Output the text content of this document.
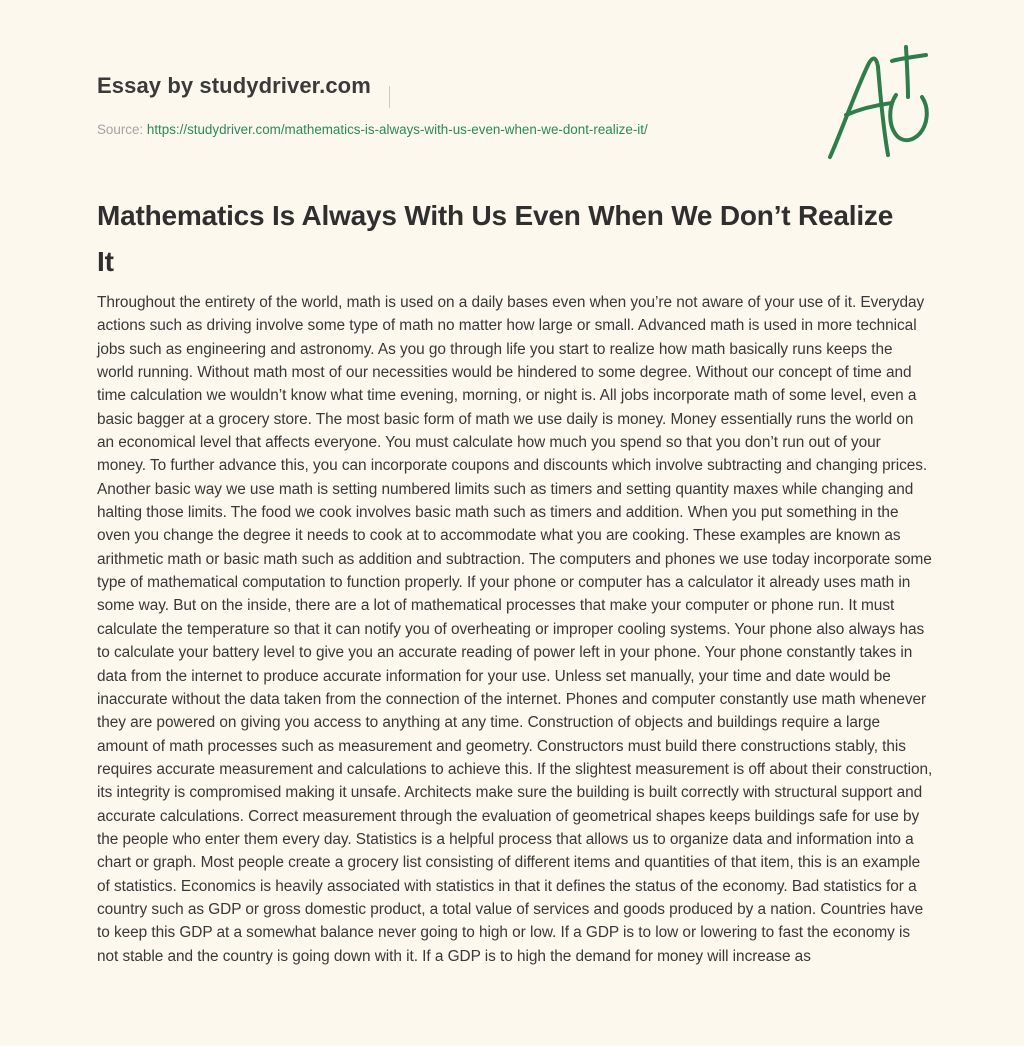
Essay by studydriver.com

Source: https://studydriver.com/mathematics-is-always-with-us-even-when-we-dont-realize-it/

Mathematics Is Always With Us Even When We Don’t Realize It

Throughout the entirety of the world, math is used on a daily bases even when you’re not aware of your use of it. Everyday actions such as driving involve some type of math no matter how large or small. Advanced math is used in more technical jobs such as engineering and astronomy. As you go through life you start to realize how math basically runs keeps the world running. Without math most of our necessities would be hindered to some degree. Without our concept of time and time calculation we wouldn’t know what time evening, morning, or night is. All jobs incorporate math of some level, even a basic bagger at a grocery store. The most basic form of math we use daily is money. Money essentially runs the world on an economical level that affects everyone. You must calculate how much you spend so that you don’t run out of your money. To further advance this, you can incorporate coupons and discounts which involve subtracting and changing prices. Another basic way we use math is setting numbered limits such as timers and setting quantity maxes while changing and halting those limits. The food we cook involves basic math such as timers and addition. When you put something in the oven you change the degree it needs to cook at to accommodate what you are cooking. These examples are known as arithmetic math or basic math such as addition and subtraction. The computers and phones we use today incorporate some type of mathematical computation to function properly. If your phone or computer has a calculator it already uses math in some way. But on the inside, there are a lot of mathematical processes that make your computer or phone run. It must calculate the temperature so that it can notify you of overheating or improper cooling systems. Your phone also always has to calculate your battery level to give you an accurate reading of power left in your phone. Your phone constantly takes in data from the internet to produce accurate information for your use. Unless set manually, your time and date would be inaccurate without the data taken from the connection of the internet. Phones and computer constantly use math whenever they are powered on giving you access to anything at any time. Construction of objects and buildings require a large amount of math processes such as measurement and geometry. Constructors must build there constructions stably, this requires accurate measurement and calculations to achieve this. If the slightest measurement is off about their construction, its integrity is compromised making it unsafe. Architects make sure the building is built correctly with structural support and accurate calculations. Correct measurement through the evaluation of geometrical shapes keeps buildings safe for use by the people who enter them every day. Statistics is a helpful process that allows us to organize data and information into a chart or graph. Most people create a grocery list consisting of different items and quantities of that item, this is an example of statistics. Economics is heavily associated with statistics in that it defines the status of the economy. Bad statistics for a country such as GDP or gross domestic product, a total value of services and goods produced by a nation. Countries have to keep this GDP at a somewhat balance never going to high or low. If a GDP is to low or lowering to fast the economy is not stable and the country is going down with it. If a GDP is to high the demand for money will increase as
